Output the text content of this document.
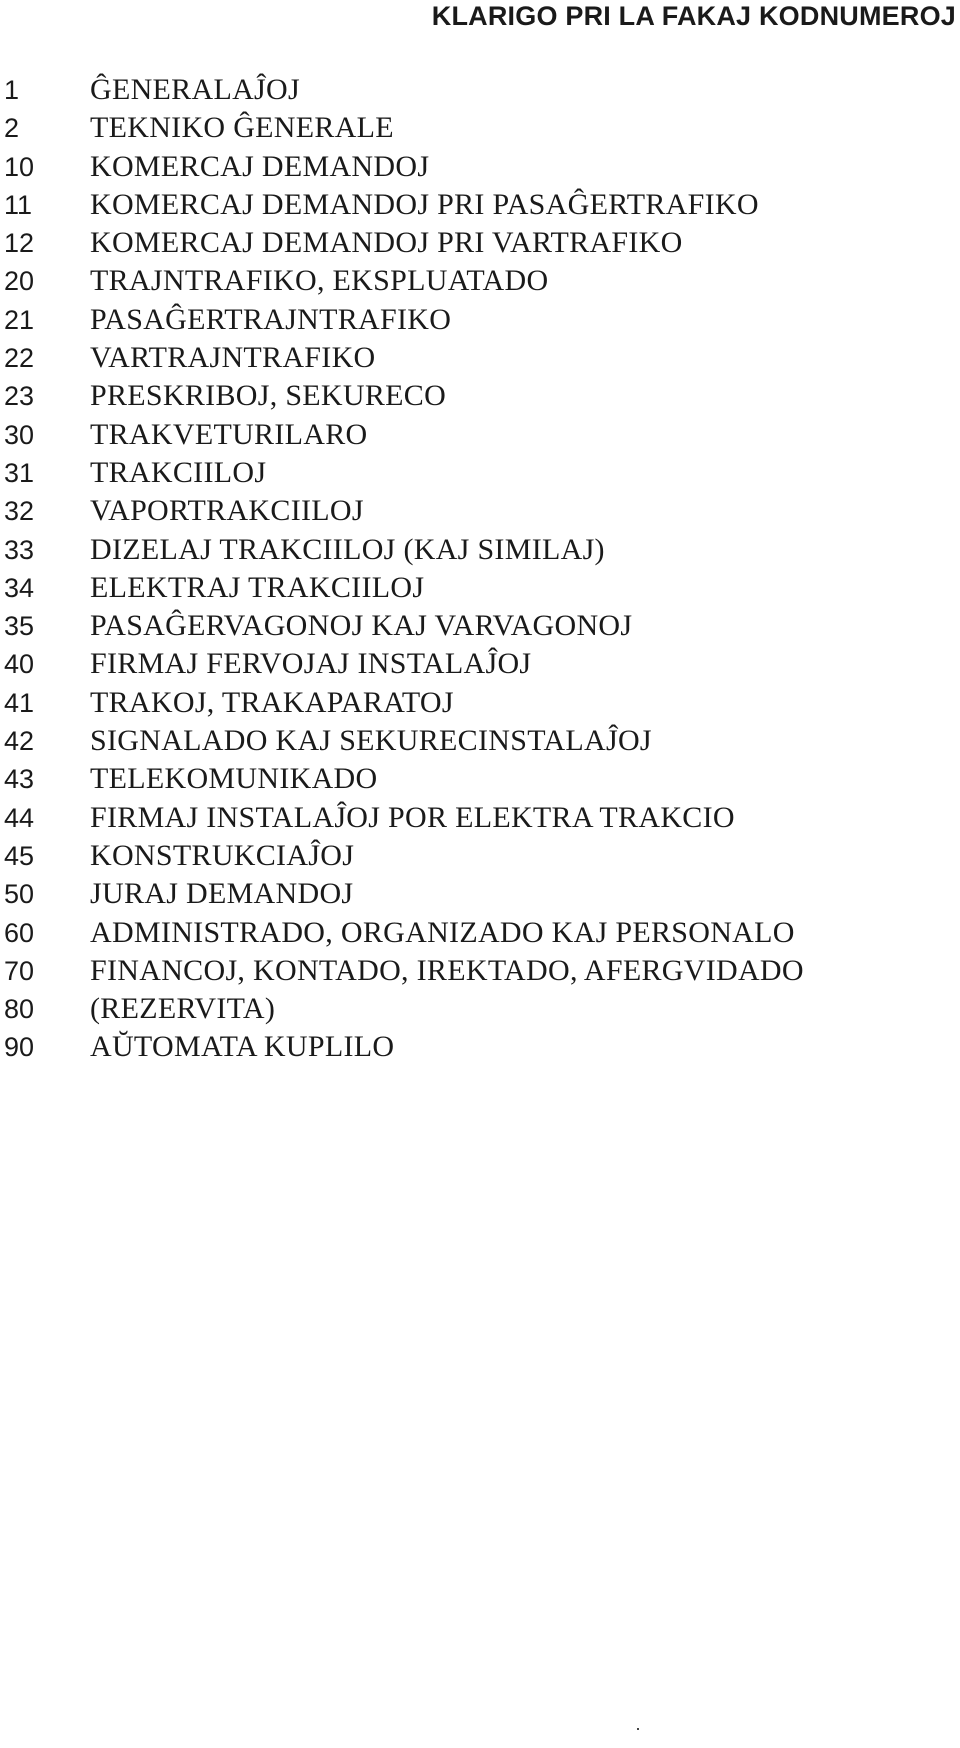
KLARIGO PRI LA FAKAJ KODNUMEROJ
1	ĜENERALAĴOJ
2	TEKNIKO ĜENERALE
10	KOMERCAJ DEMANDOJ
11	KOMERCAJ DEMANDOJ PRI PASAĜERTRAFIKO
12	KOMERCAJ DEMANDOJ PRI VARTRAFIKO
20	TRAJNTRAFIKO, EKSPLUATADO
21	PASAĜERTRAJNTRAFIKO
22	VARTRAJNTRAFIKO
23	PRESKRIBOJ, SEKURECO
30	TRAKVETURILARO
31	TRAKCIILOJ
32	VAPORTRAKCIILOJ
33	DIZELAJ TRAKCIILOJ (KAJ SIMILAJ)
34	ELEKTRAJ TRAKCIILOJ
35	PASAĜERVAGONOJ KAJ VARVAGONOJ
40	FIRMAJ FERVOJAJ INSTALAĴOJ
41	TRAKOJ, TRAKAPARATOJ
42	SIGNALADO KAJ SEKURECINSTALAĴOJ
43	TELEKOMUNIKADO
44	FIRMAJ INSTALAĴOJ POR ELEKTRA TRAKCIO
45	KONSTRUKCIAĴOJ
50	JURAJ DEMANDOJ
60	ADMINISTRADO, ORGANIZADO KAJ PERSONALO
70	FINANCOJ, KONTADO, IREKTADO, AFERGVIDADO
80	(REZERVITA)
90	AŬTOMATA KUPLILO
